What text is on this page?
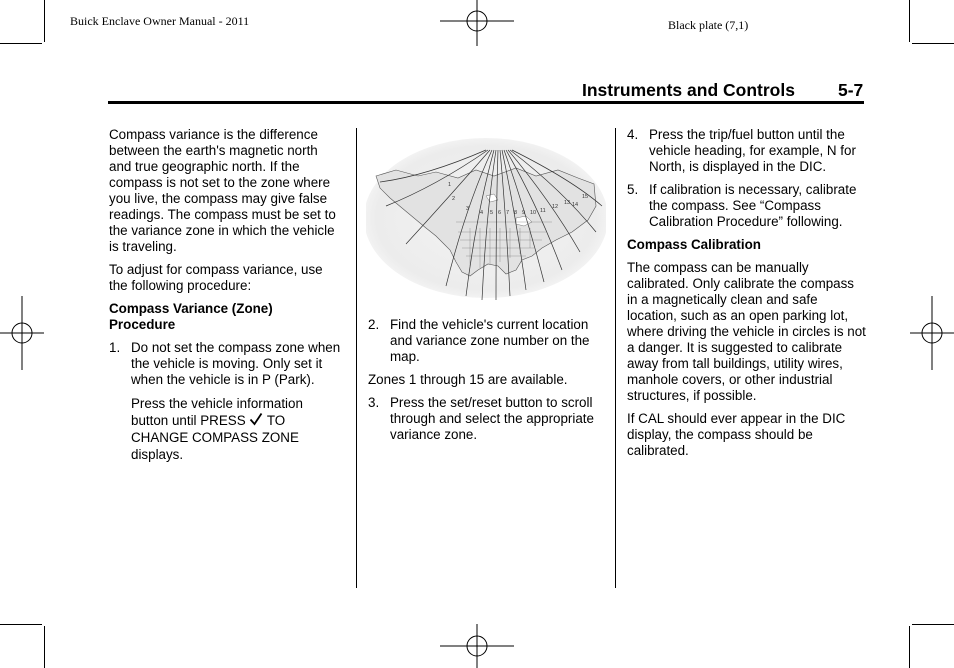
Buick Enclave Owner Manual - 2011	Black plate (7,1)
Instruments and Controls 5-7

Compass variance is the difference between the earth's magnetic north and true geographic north. If the compass is not set to the zone where you live, the compass may give false readings. The compass must be set to the variance zone in which the vehicle is traveling.

To adjust for compass variance, use the following procedure:

Compass Variance (Zone) Procedure

1. Do not set the compass zone when the vehicle is moving. Only set it when the vehicle is in P (Park).
Press the vehicle information button until PRESS TO CHANGE COMPASS ZONE displays.
1
2
3
4 5 6 7 8 9 10 11
12
13 14
15
2. Find the vehicle's current location and variance zone number on the map.

Zones 1 through 15 are available.

3. Press the set/reset button to scroll through and select the appropriate variance zone.
4. Press the trip/fuel button until the vehicle heading, for example, N for North, is displayed in the DIC.
5. If calibration is necessary, calibrate the compass. See “Compass Calibration Procedure” following.

Compass Calibration

The compass can be manually calibrated. Only calibrate the compass in a magnetically clean and safe location, such as an open parking lot, where driving the vehicle in circles is not a danger. It is suggested to calibrate away from tall buildings, utility wires, manhole covers, or other industrial structures, if possible.

If CAL should ever appear in the DIC display, the compass should be calibrated.
